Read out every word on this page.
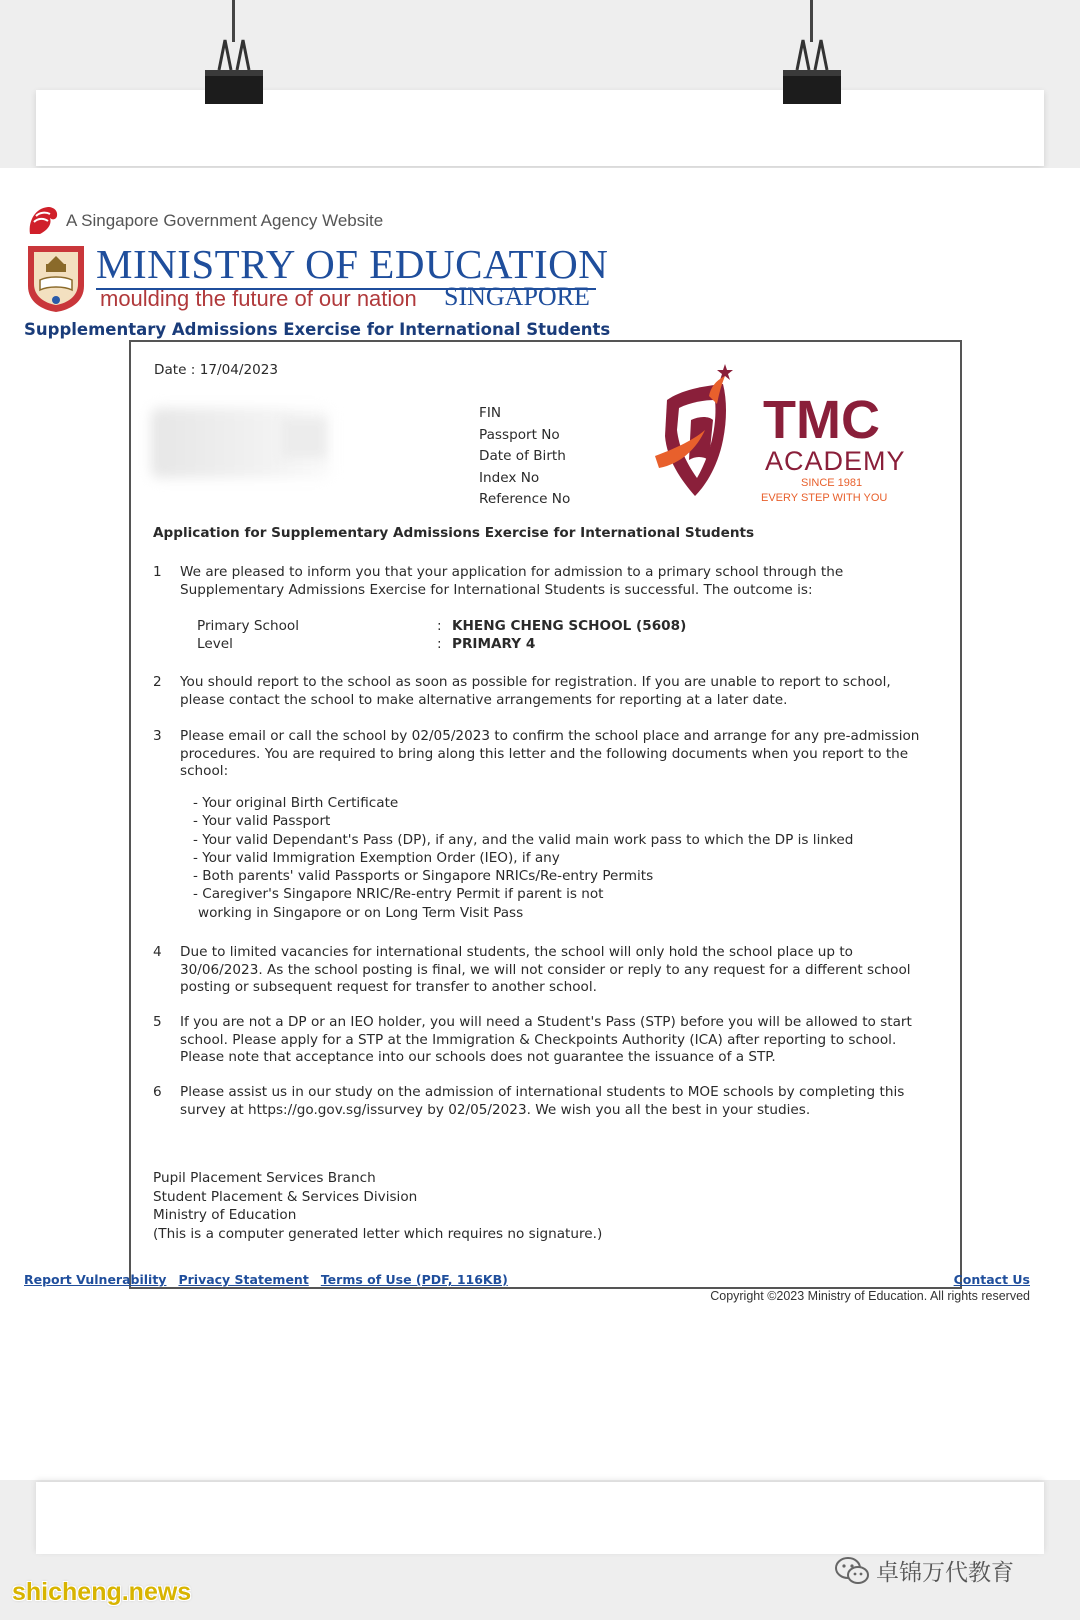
A Singapore Government Agency Website
MINISTRY OF EDUCATION
moulding the future of our nation SINGAPORE
Supplementary Admissions Exercise for International Students
Date : 17/04/2023
FIN
Passport No
Date of Birth
Index No
Reference No
TMC
ACADEMY
SINCE 1981
EVERY STEP WITH YOU
Application for Supplementary Admissions Exercise for International Students
1 We are pleased to inform you that your application for admission to a primary school through the Supplementary Admissions Exercise for International Students is successful. The outcome is:
Primary School	: KHENG CHENG SCHOOL (5608)
Level	: PRIMARY 4
2 You should report to the school as soon as possible for registration. If you are unable to report to school, please contact the school to make alternative arrangements for reporting at a later date.
3 Please email or call the school by 02/05/2023 to confirm the school place and arrange for any pre-admission procedures. You are required to bring along this letter and the following documents when you report to the school:
- Your original Birth Certificate
- Your valid Passport
- Your valid Dependant's Pass (DP), if any, and the valid main work pass to which the DP is linked
- Your valid Immigration Exemption Order (IEO), if any
- Both parents' valid Passports or Singapore NRICs/Re-entry Permits
- Caregiver's Singapore NRIC/Re-entry Permit if parent is not
working in Singapore or on Long Term Visit Pass
4 Due to limited vacancies for international students, the school will only hold the school place up to 30/06/2023. As the school posting is final, we will not consider or reply to any request for a different school posting or subsequent request for transfer to another school.
5 If you are not a DP or an IEO holder, you will need a Student's Pass (STP) before you will be allowed to start school. Please apply for a STP at the Immigration & Checkpoints Authority (ICA) after reporting to school. Please note that acceptance into our schools does not guarantee the issuance of a STP.
6 Please assist us in our study on the admission of international students to MOE schools by completing this survey at https://go.gov.sg/issurvey by 02/05/2023. We wish you all the best in your studies.
Pupil Placement Services Branch
Student Placement & Services Division
Ministry of Education
(This is a computer generated letter which requires no signature.)
Report Vulnerability Privacy Statement Terms of Use (PDF, 116KB)	Contact Us
Copyright ©2023 Ministry of Education. All rights reserved
shicheng.news
卓锦万代教育
